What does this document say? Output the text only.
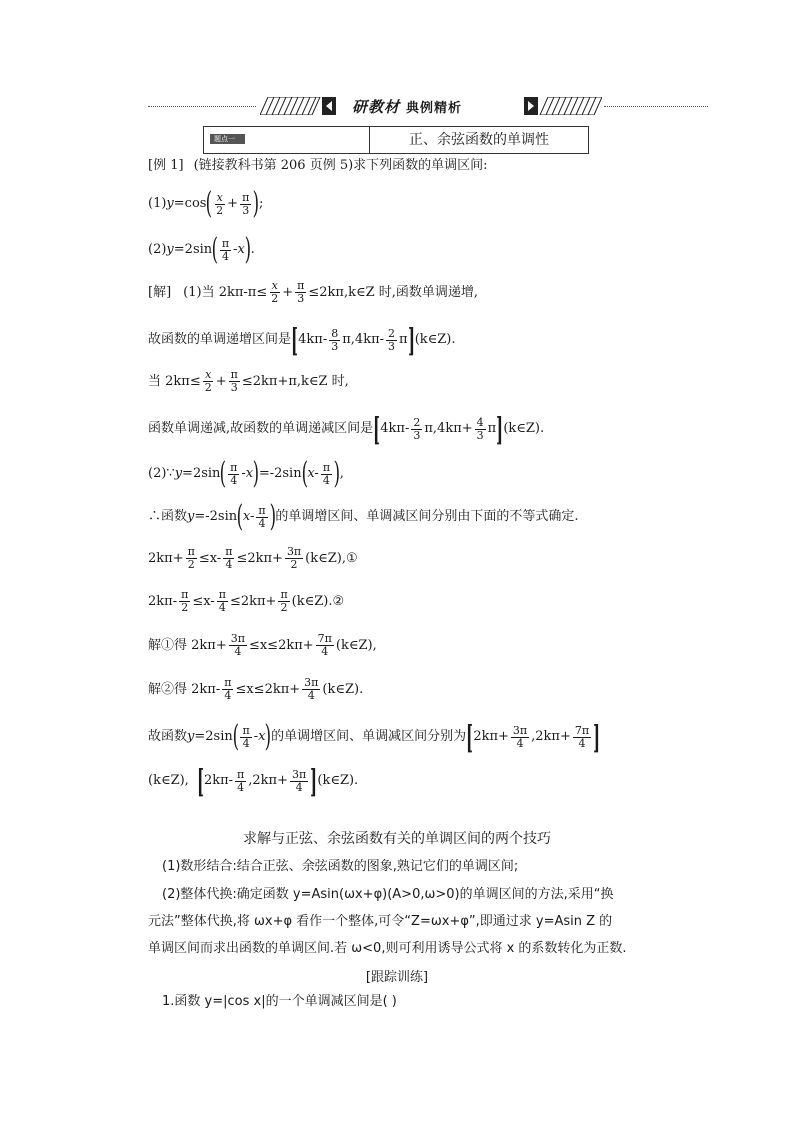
研教材 典例精析
题点一	正、余弦函数的单调性
[例 1] (链接教科书第 206 页例 5)求下列函数的单调区间:
(1) y =cos ( $\frac{x}{2} + \frac{\pi}{3}$ ) ;
(2) y =2sin ( $\frac{\pi}{4}$ - x ) .
[解] (1)当 $2k\pi-\pi\le \frac{x}{2} + \frac{\pi}{3}$ ≤2kπ,k∈Z 时,函数单调递增,
故函数的单调递增区间是 [ $4k\pi- \frac{8}{3} \pi,4k\pi- \frac{2}{3}$ π ] (k∈Z).
当 $2k\pi\le \frac{x}{2} + \frac{\pi}{3}$ ≤2kπ+π,k∈Z 时,
函数单调递减,故函数的单调递减区间是 [ $4k\pi- \frac{2}{3} \pi,4k\pi+ \frac{4}{3}$ π ] (k∈Z).
(2)∵ y =2sin ( $\frac{\pi}{4} -x$ ) =-2sin ( $x- \frac{\pi}{4}$ ) ,
∴函数 y =-2sin ( $x- \frac{\pi}{4}$ ) 的单调增区间、单调减区间分别由下面的不等式确定.
$2k\pi+ \frac{\pi}{2} \le x- \frac{\pi}{4} \le 2k\pi+ \frac{3\pi}{2}$ (k∈Z),①
$2k\pi- \frac{\pi}{2} \le x- \frac{\pi}{4} \le 2k\pi+ \frac{\pi}{2}$ (k∈Z).②
解①得 $2k\pi+ \frac{3\pi}{4} \le x\le 2k\pi+ \frac{7\pi}{4}$ (k∈Z),
解②得 $2k\pi- \frac{\pi}{4} \le x\le 2k\pi+ \frac{3\pi}{4}$ (k∈Z).
故函数 y =2sin ( $\frac{\pi}{4} -x$ ) 的单调增区间、单调减区间分别为 [ $2k\pi+ \frac{3\pi}{4} ,2k\pi+ \frac{7\pi}{4}$ ]
(k∈Z), [ $2k\pi- \frac{\pi}{4} ,2k\pi+ \frac{3\pi}{4}$ ] (k∈Z).
求解与正弦、余弦函数有关的单调区间的两个技巧
(1)数形结合:结合正弦、余弦函数的图象,熟记它们的单调区间;
(2)整体代换:确定函数 y=Asin(ωx+φ)(A>0,ω>0)的单调区间的方法,采用“换
元法”整体代换,将 ωx+φ 看作一个整体,可令“Z=ωx+φ”,即通过求 y=Asin Z 的
单调区间而求出函数的单调区间.若 ω<0,则可利用诱导公式将 x 的系数转化为正数.
[跟踪训练]
1.函数 y=|cos x|的一个单调减区间是( )
